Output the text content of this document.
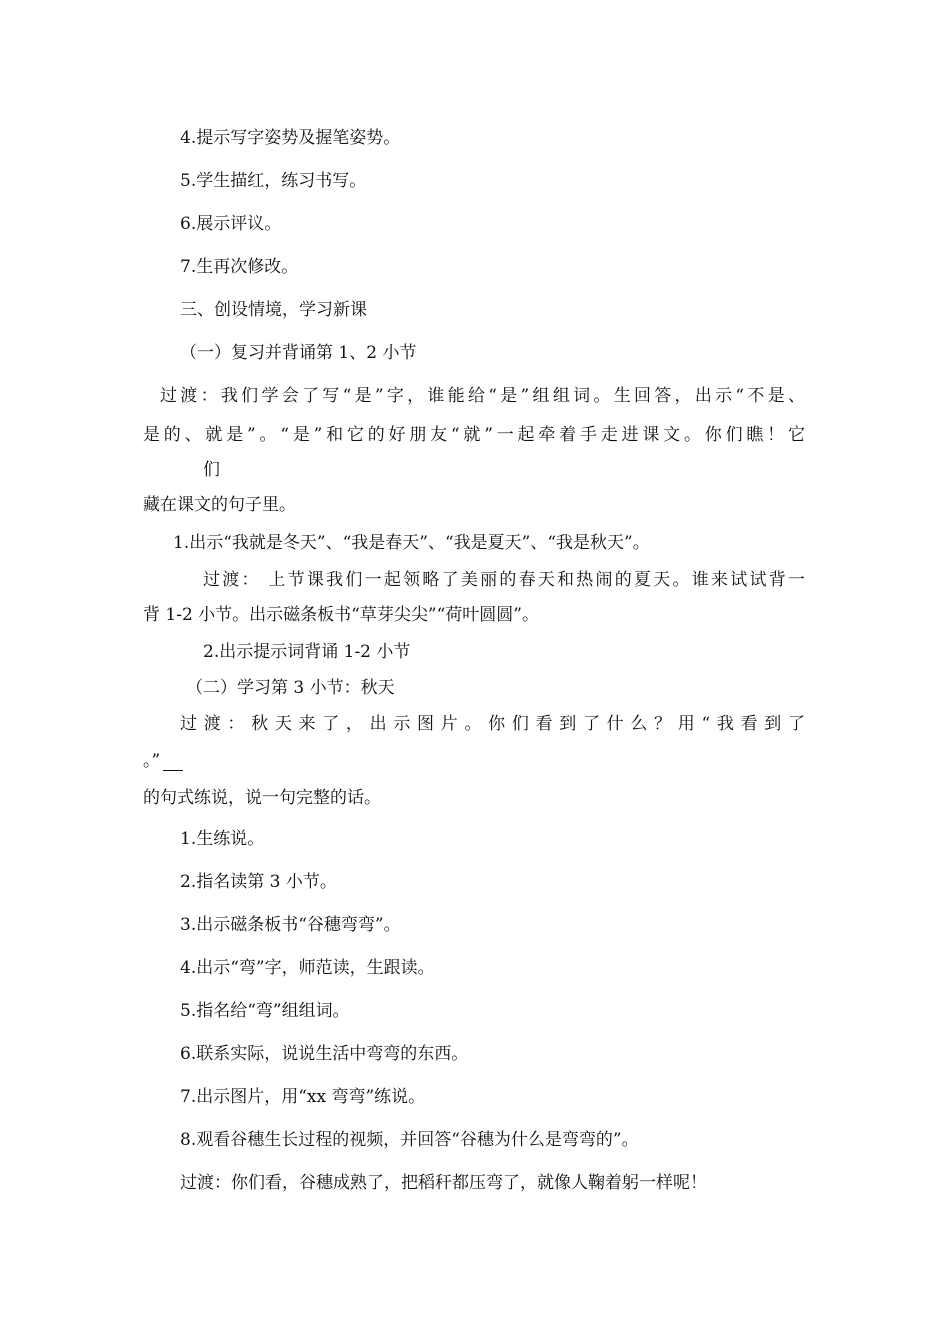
4.提示写字姿势及握笔姿势。
5.学生描红，练习书写。
6.展示评议。
7.生再次修改。
三、创设情境，学习新课
（一）复习并背诵第 1、2 小节
过渡：我们学会了写“是”字，谁能给“是”组组词。生回答，出示“不是、
是的、就是”。“是”和它的好朋友“就”一起牵着手走进课文。你们瞧！它
们
藏在课文的句子里。
1.出示“我就是冬天”、“我是春天”、“我是夏天”、“我是秋天”。
过渡： 上节课我们一起领略了美丽的春天和热闹的夏天。谁来试试背一
背 1-2 小节。出示磁条板书“草芽尖尖”“荷叶圆圆”。
2.出示提示词背诵 1-2 小节
（二）学习第 3 小节：秋天
过渡：秋天来了，出示图片。你们看到了什么？用“我看到了
。”
的句式练说，说一句完整的话。
1.生练说。
2.指名读第 3 小节。
3.出示磁条板书“谷穗弯弯”。
4.出示“弯”字，师范读，生跟读。
5.指名给“弯”组组词。
6.联系实际，说说生活中弯弯的东西。
7.出示图片，用“xx 弯弯”练说。
8.观看谷穗生长过程的视频，并回答“谷穗为什么是弯弯的”。
过渡：你们看，谷穗成熟了，把稻秆都压弯了，就像人鞠着躬一样呢！
